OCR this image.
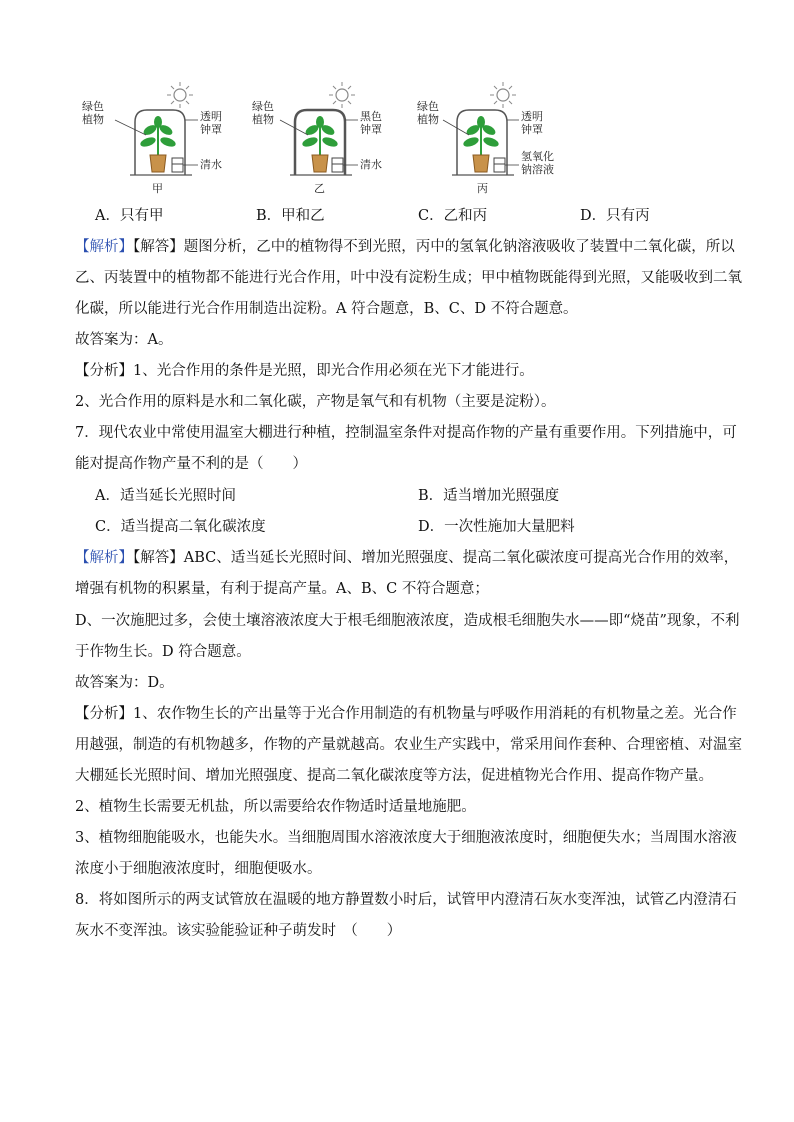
绿色植物	透明钟罩
清水
甲
绿色植物	黑色钟罩
清水
乙
绿色植物	透明钟罩
氢氧化钠溶液
丙
A．只有甲	B．甲和乙	C．乙和丙	D．只有丙
【解析】【解答】题图分析，乙中的植物得不到光照，丙中的氢氧化钠溶液吸收了装置中二氧化碳，所以
乙、丙装置中的植物都不能进行光合作用，叶中没有淀粉生成；甲中植物既能得到光照，又能吸收到二氧
化碳，所以能进行光合作用制造出淀粉。A 符合题意，B、C、D 不符合题意。
故答案为：A。
【分析】1、光合作用的条件是光照，即光合作用必须在光下才能进行。
2、光合作用的原料是水和二氧化碳，产物是氧气和有机物（主要是淀粉）。
7．现代农业中常使用温室大棚进行种植，控制温室条件对提高作物的产量有重要作用。下列措施中，可
能对提高作物产量不利的是（　　）
A．适当延长光照时间	B．适当增加光照强度
C．适当提高二氧化碳浓度	D．一次性施加大量肥料
【解析】【解答】ABC、适当延长光照时间、增加光照强度、提高二氧化碳浓度可提高光合作用的效率，
增强有机物的积累量，有利于提高产量。A、B、C 不符合题意；
D、一次施肥过多，会使土壤溶液浓度大于根毛细胞液浓度，造成根毛细胞失水——即“烧苗”现象，不利
于作物生长。D 符合题意。
故答案为：D。
【分析】1、农作物生长的产出量等于光合作用制造的有机物量与呼吸作用消耗的有机物量之差。光合作
用越强，制造的有机物越多，作物的产量就越高。农业生产实践中，常采用间作套种、合理密植、对温室
大棚延长光照时间、增加光照强度、提高二氧化碳浓度等方法，促进植物光合作用、提高作物产量。
2、植物生长需要无机盐，所以需要给农作物适时适量地施肥。
3、植物细胞能吸水，也能失水。当细胞周围水溶液浓度大于细胞液浓度时，细胞便失水；当周围水溶液
浓度小于细胞液浓度时，细胞便吸水。
8．将如图所示的两支试管放在温暖的地方静置数小时后，试管甲内澄清石灰水变浑浊，试管乙内澄清石
灰水不变浑浊。该实验能验证种子萌发时　（　　）
